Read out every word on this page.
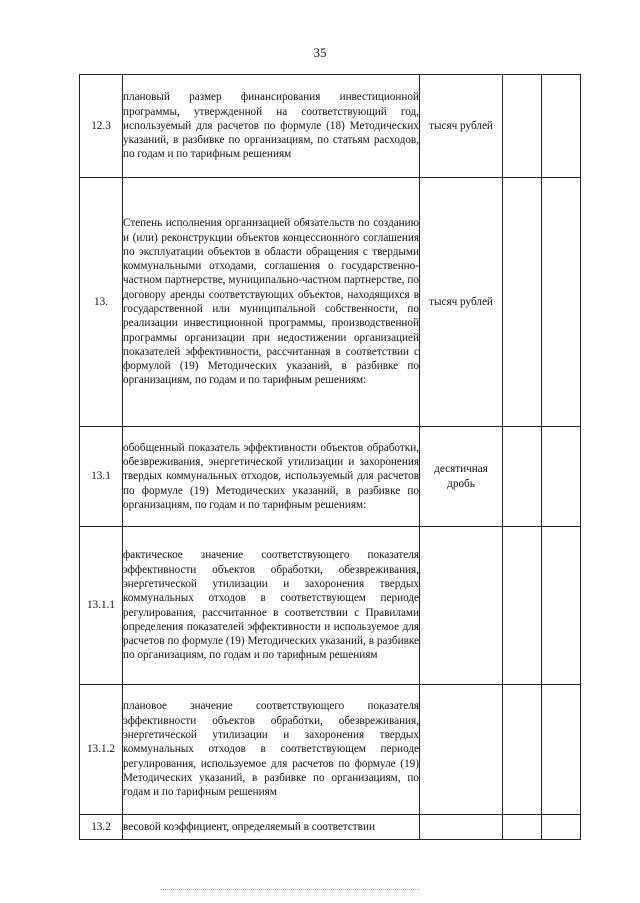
35
12.3	плановый размер финансирования инвестиционной программы, утвержденной на соответствующий год, используемый для расчетов по формуле (18) Методических указаний, в разбивке по организациям, по статьям расходов, по годам и по тарифным решениям	тысяч рублей		
13.	Степень исполнения организацией обязательств по созданию и (или) реконструкции объектов концессионного соглашения по эксплуатации объектов в области обращения с твердыми коммунальными отходами, соглашения о государственно-частном партнерстве, муниципально-частном партнерстве, по договору аренды соответствующих объектов, находящихся в государственной или муниципальной собственности, по реализации инвестиционной программы, производственной программы организации при недостижении организацией показателей эффективности, рассчитанная в соответствии с формулой (19) Методических указаний, в разбивке по организациям, по годам и по тарифным решениям:	тысяч рублей		
13.1	обобщенный показатель эффективности объектов обработки, обезвреживания, энергетической утилизации и захоронения твердых коммунальных отходов, используемый для расчетов по формуле (19) Методических указаний, в разбивке по организациям, по годам и по тарифным решениям:	десятичная дробь		
13.1.1	фактическое значение соответствующего показателя эффективности объектов обработки, обезвреживания, энергетической утилизации и захоронения твердых коммунальных отходов в соответствующем периоде регулирования, рассчитанное в соответствии с Правилами определения показателей эффективности и используемое для расчетов по формуле (19) Методических указаний, в разбивке по организациям, по годам и по тарифным решениям			
13.1.2	плановое значение соответствующего показателя эффективности объектов обработки, обезвреживания, энергетической утилизации и захоронения твердых коммунальных отходов в соответствующем периоде регулирования, используемое для расчетов по формуле (19) Методических указаний, в разбивке по организациям, по годам и по тарифным решениям			
13.2	весовой коэффициент, определяемый в соответствии			
